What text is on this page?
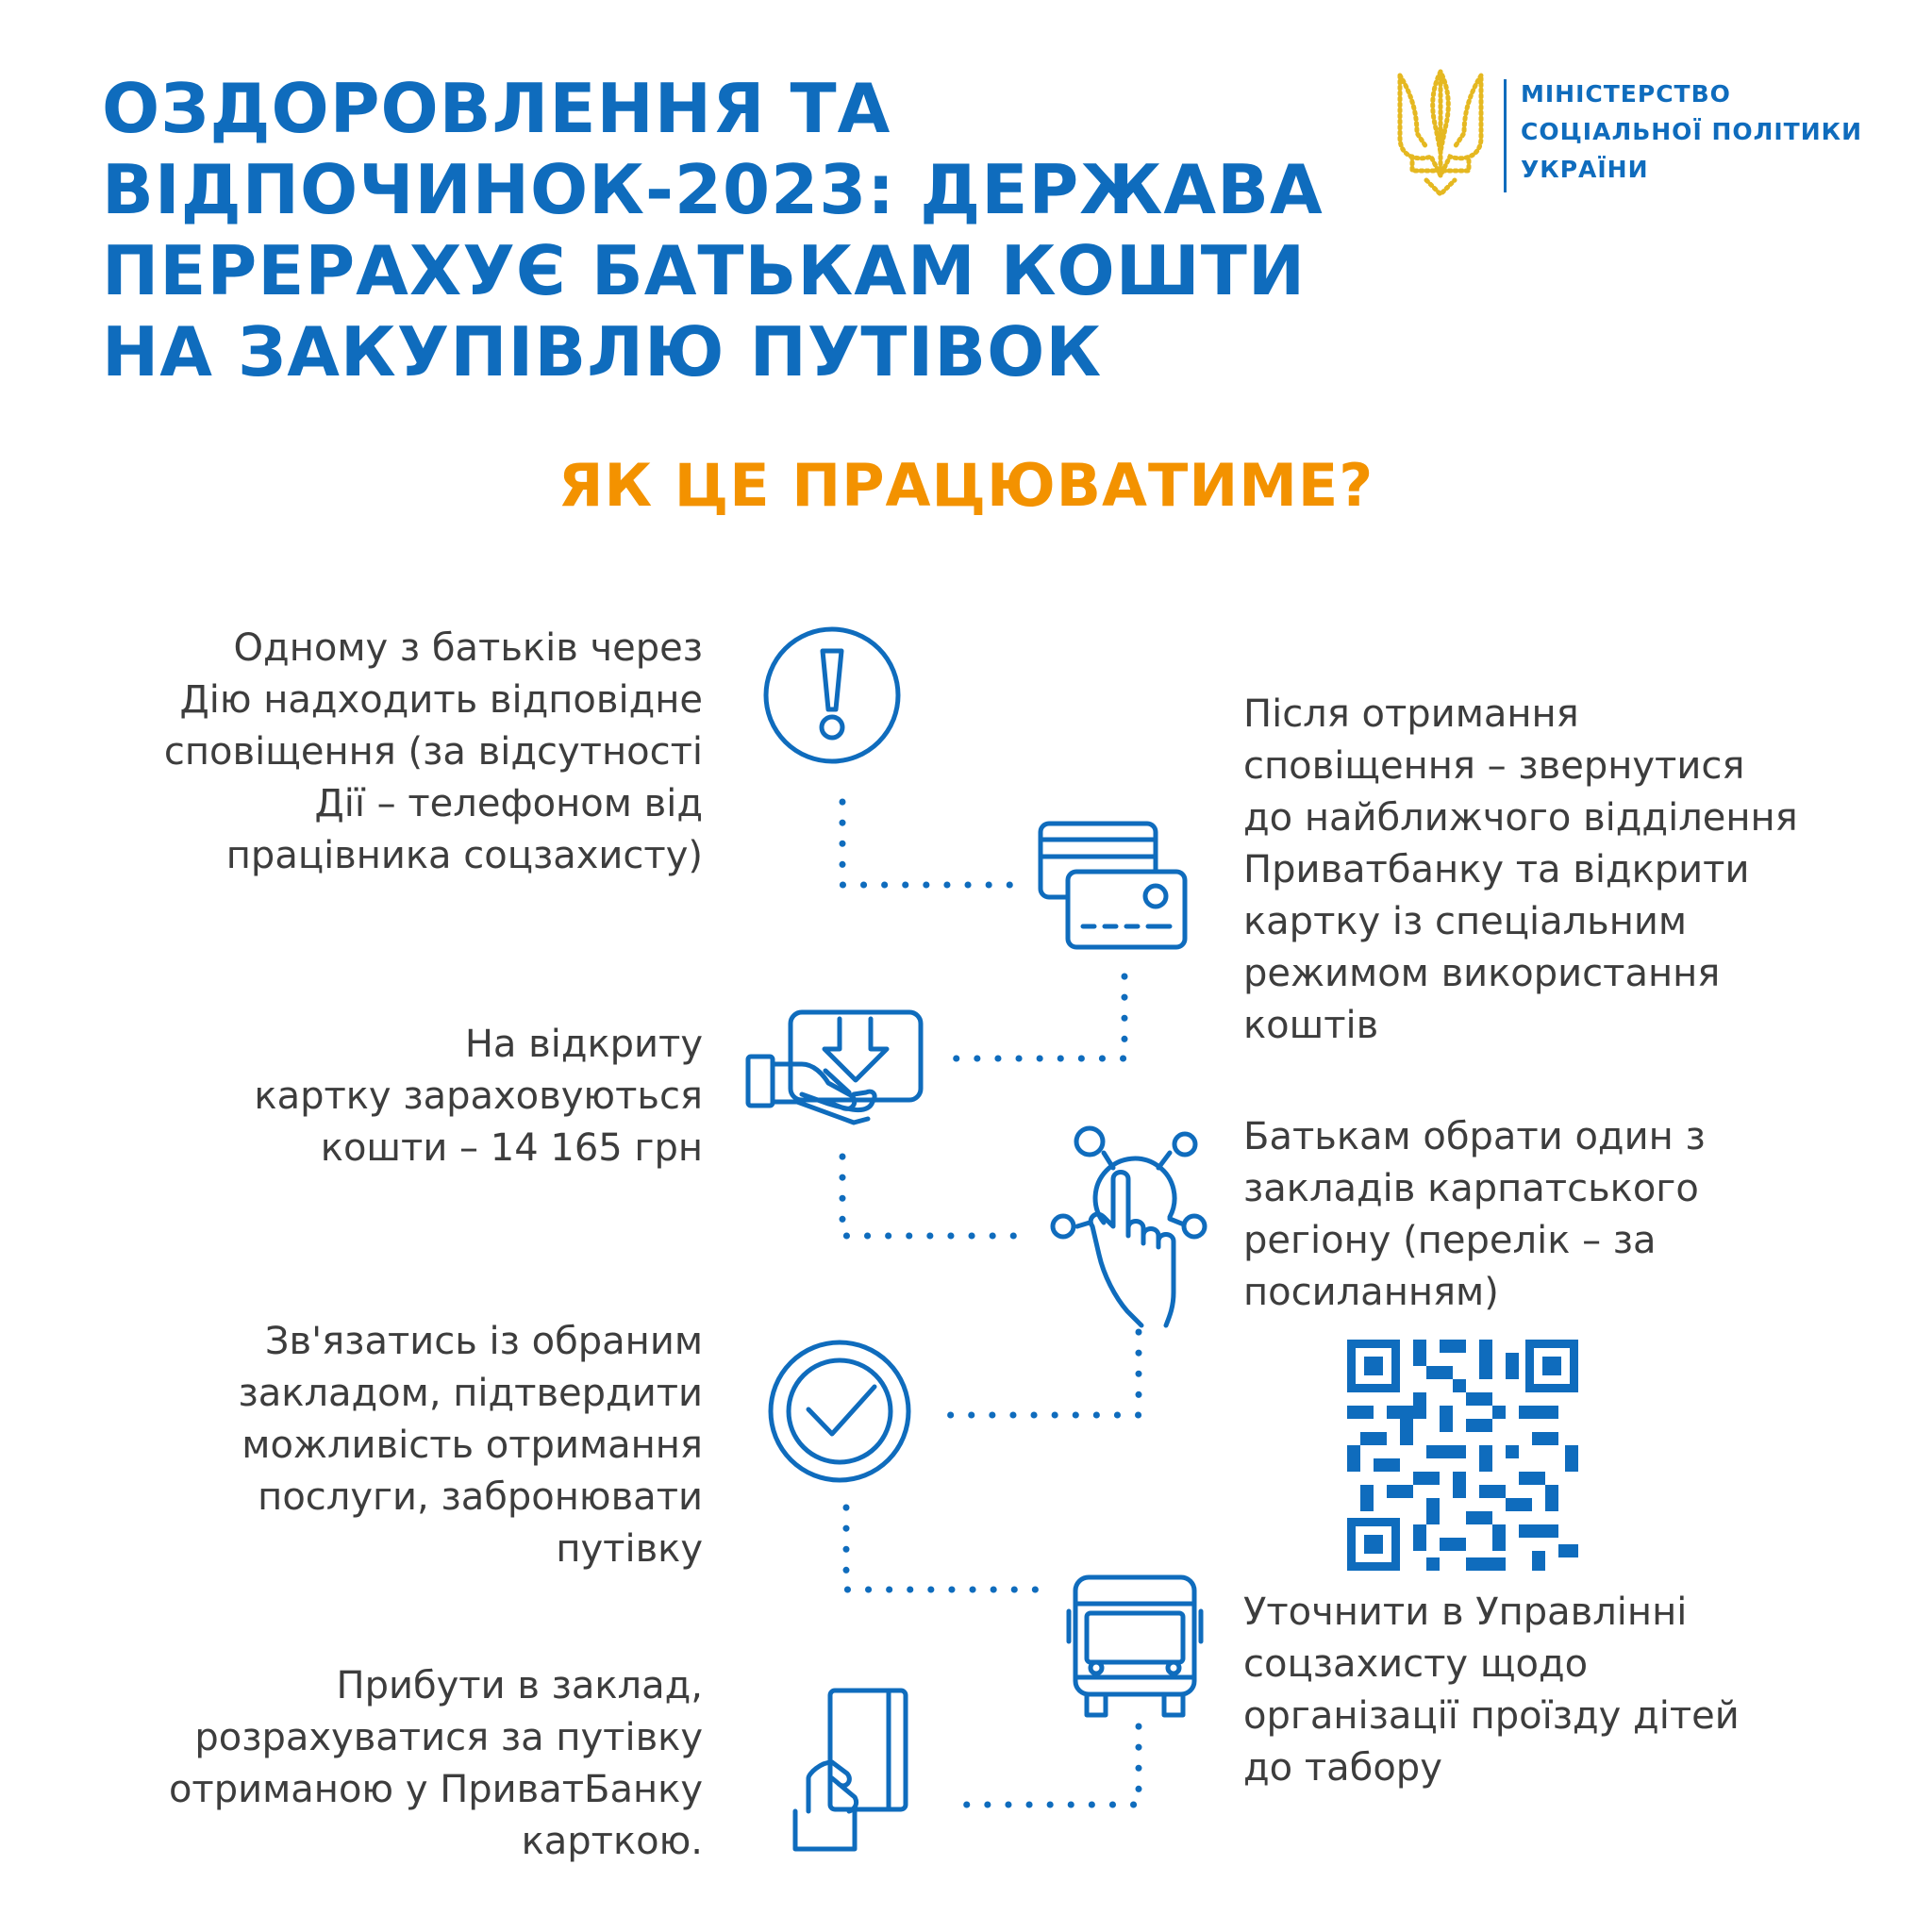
ОЗДОРОВЛЕННЯ ТА
ВІДПОЧИНОК-2023: ДЕРЖАВА
ПЕРЕРАХУЄ БАТЬКАМ КОШТИ
НА ЗАКУПІВЛЮ ПУТІВОК
МІНІСТЕРСТВО
СОЦІАЛЬНОЇ ПОЛІТИКИ
УКРАЇНИ
ЯК ЦЕ ПРАЦЮВАТИМЕ?

Одному з батьків через
Дію надходить відповідне
сповіщення (за відсутності
Дії – телефоном від
працівника соцзахисту)

Після отримання
сповіщення – звернутися
до найближчого відділення
Приватбанку та відкрити
картку із спеціальним
режимом використання
коштів

На відкриту
картку зараховуються
кошти – 14 165 грн	Батькам обрати один з
закладів карпатського
регіону (перелік – за
посиланням)

Зв'язатись із обраним
закладом, підтвердити
можливість отримання
послуги, забронювати
путівку

Уточнити в Управлінні
соцзахисту щодо
організації проїзду дітей
до табору

Прибути в заклад,
розрахуватися за путівку
отриманою у ПриватБанку
карткою.
